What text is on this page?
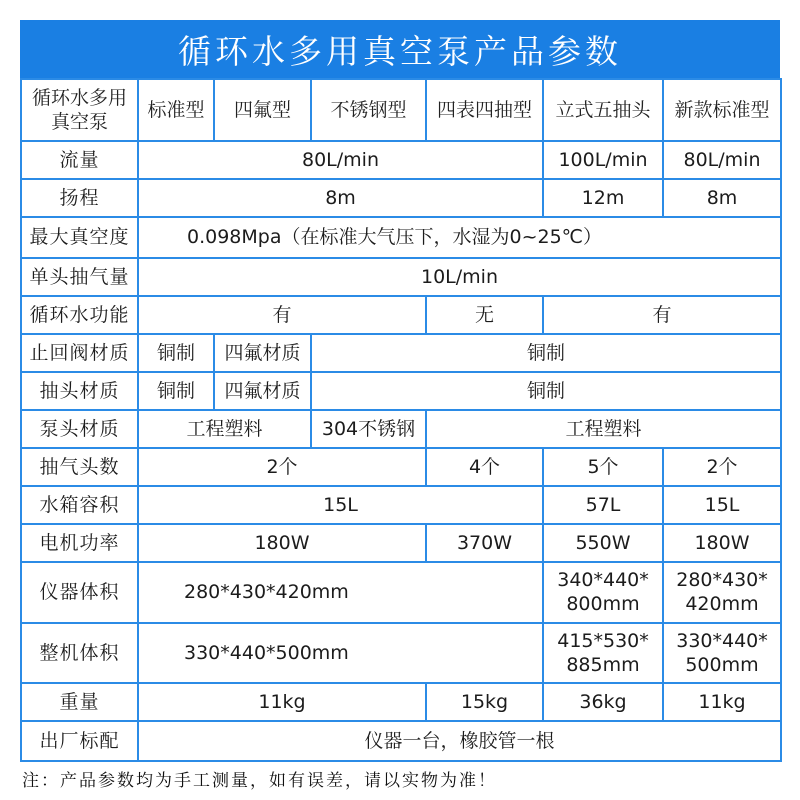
循环水多用真空泵产品参数
循环水多用真空泵	标准型	四氟型	不锈钢型	四表四抽型	立式五抽头	新款标准型
流量	80L/min				100L/min	80L/min
扬程	8m				12m	8m
最大真空度	0.098Mpa（在标准大气压下，水湿为0~25℃）					
单头抽气量	10L/min					
循环水功能	有			无	有	
止回阀材质	铜制	四氟材质	铜制			
抽头材质	铜制	四氟材质	铜制			
泵头材质	工程塑料		304不锈钢	工程塑料		
抽气头数	2个			4个	5个	2个
水箱容积	15L				57L	15L
电机功率	180W			370W	550W	180W
仪器体积	280*430*420mm				340*440*800mm	280*430*420mm
整机体积	330*440*500mm				415*530*885mm	330*440*500mm
重量	11kg			15kg	36kg	11kg
出厂标配	仪器一台，橡胶管一根					
注：产品参数均为手工测量，如有误差，请以实物为准！
